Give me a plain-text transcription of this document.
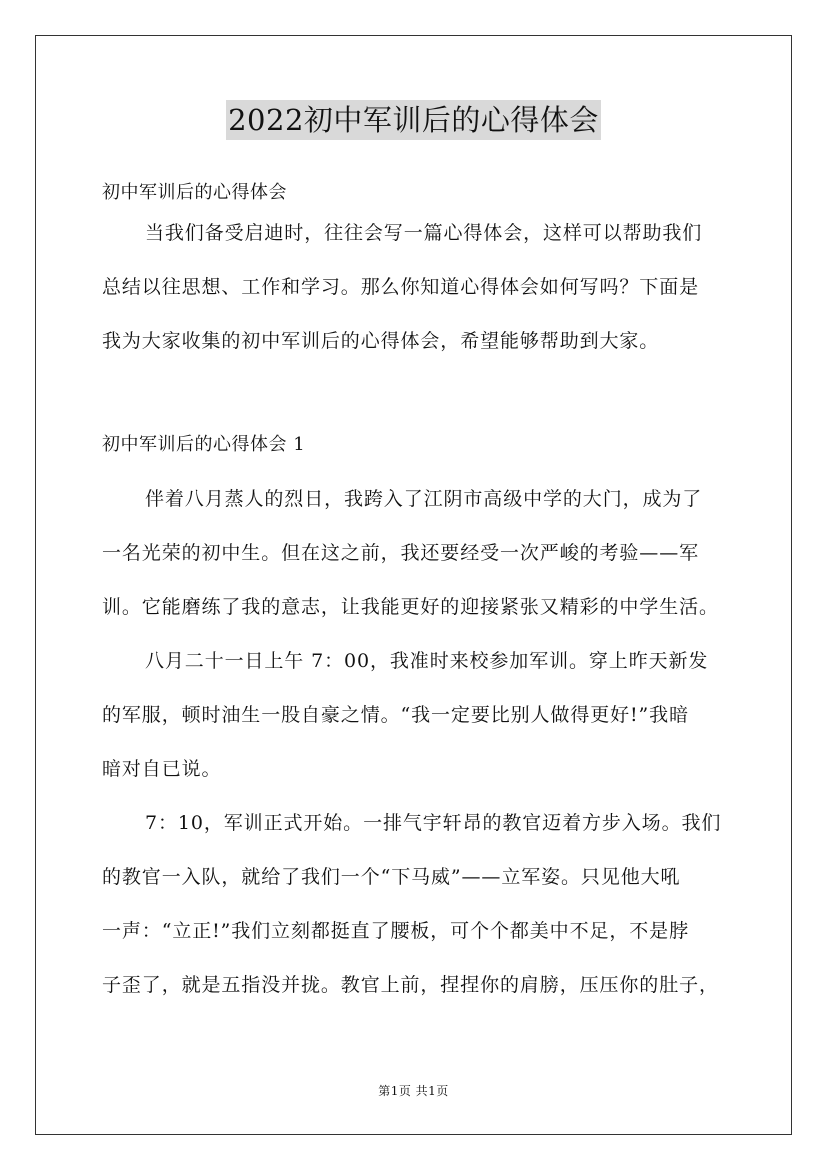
2022初中军训后的心得体会
初中军训后的心得体会
当我们备受启迪时，往往会写一篇心得体会，这样可以帮助我们
总结以往思想、工作和学习。那么你知道心得体会如何写吗？下面是
我为大家收集的初中军训后的心得体会，希望能够帮助到大家。
初中军训后的心得体会 1
伴着八月蒸人的烈日，我跨入了江阴市高级中学的大门，成为了
一名光荣的初中生。但在这之前，我还要经受一次严峻的考验——军
训。它能磨练了我的意志，让我能更好的迎接紧张又精彩的中学生活。
八月二十一日上午 7：00，我准时来校参加军训。穿上昨天新发
的军服，顿时油生一股自豪之情。“我一定要比别人做得更好!”我暗
暗对自已说。
7：10，军训正式开始。一排气宇轩昂的教官迈着方步入场。我们
的教官一入队，就给了我们一个“下马威”——立军姿。只见他大吼
一声：“立正!”我们立刻都挺直了腰板，可个个都美中不足，不是脖
子歪了，就是五指没并拢。教官上前，捏捏你的肩膀，压压你的肚子，
第1页 共1页
